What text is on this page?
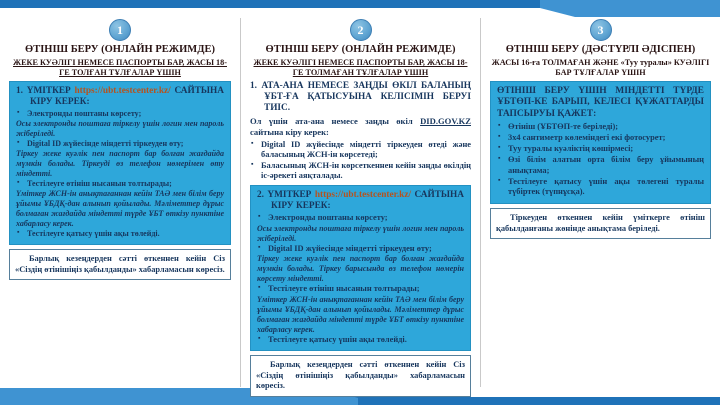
1
ӨТІНІШ БЕРУ (ОНЛАЙН РЕЖИМДЕ)
ЖЕКЕ КУӘЛІГІ НЕМЕСЕ ПАСПОРТЫ БАР, ЖАСЫ 18-ГЕ ТОЛҒАН ТҰЛҒАЛАР ҮШІН

1. ҮМІТКЕР https://ubt.testcenter.kz/ САЙТЫНА КІРУ КЕРЕК:

▪ Электронды поштаны көрсету;
Осы электронды поштаға тіркелу үшін логин мен пароль жіберіледі.
▪ Digital ID жүйесінде міндетті тіркеуден өту;
Тіркеу жеке куәлік пен паспорт бар болған жағдайда мүмкін болады. Тіркеуді өз телефон нөмерімен өту міндетті.
▪ Тестілеуге өтініш нысанын толтырады;
Үміткер ЖСН-ін анықтағаннан кейін ТАӘ мен білім беру ұйымы ҰБДҚ-дан алынып қойылады. Мәліметтер дұрыс болмаған жағдайда міндетті түрде ҰБТ өткізу пунктіне хабарласу керек.
▪ Тестілеуге қатысу үшін ақы төлейді.

Барлық кезеңдерден сәтті өткеннен кейін Сіз «Сіздің өтінішіңіз қабылданды» хабарламасын көресіз.

2
ӨТІНІШ БЕРУ (ОНЛАЙН РЕЖИМДЕ)
ЖЕКЕ КУӘЛІГІ НЕМЕСЕ ПАСПОРТЫ БАР, ЖАСЫ 18-ГЕ ТОЛМАҒАН ТҰЛҒАЛАР ҮШІН

1. АТА-АНА НЕМЕСЕ ЗАҢДЫ ӨКІЛ БАЛАНЫҢ ҰБТ-ҒА ҚАТЫСУЫНА КЕЛІСІМІН БЕРУІ ТИІС.

Ол үшін ата-ана немесе заңды өкіл DID.GOV.KZ сайтына кіру керек:

▪ Digital ID жүйесінде міндетті тіркеуден өтеді және баласының ЖСН-ін көрсетеді;
▪ Баласының ЖСН-ін көрсеткеннен кейін заңды өкілдің іс-әрекеті аяқталады.

2. ҮМІТКЕР https://ubt.testcenter.kz/ САЙТЫНА КІРУ КЕРЕК:

▪ Электронды поштаны көрсету;
Осы электронды поштаға тіркелу үшін логин мен пароль жіберіледі.
▪ Digital ID жүйесінде міндетті тіркеуден өту;
Тіркеу жеке куәлік пен паспорт бар болған жағдайда мүмкін болады. Тіркеу барысында өз телефон нөмерін көрсету міндетті.
▪ Тестілеуге өтініш нысанын толтырады;
Үміткер ЖСН-ін анықтағаннан кейін ТАӘ мен білім беру ұйымы ҰБДҚ-дан алынып қойылады. Мәліметтер дұрыс болмаған жағдайда міндетті түрде ҰБТ өткізу пунктіне хабарласу керек.
▪ Тестілеуге қатысу үшін ақы төлейді.

Барлық кезеңдерден сәтті өткеннен кейін Сіз «Сіздің өтінішіңіз қабылданды» хабарламасын көресіз.

3
ӨТІНІШ БЕРУ (ДӘСТҮРЛІ ӘДІСПЕН)
ЖАСЫ 16-ға ТОЛМАҒАН ЖӘНЕ «Туу туралы» КУӘЛІГІ БАР ТҰЛҒАЛАР ҮШІН

ӨТІНІШ БЕРУ ҮШІН МІНДЕТТІ ТҮРДЕ ҰБТӨП-КЕ БАРЫП, КЕЛЕСІ ҚҰЖАТТАРДЫ ТАПСЫРУЫ ҚАЖЕТ:

▪ Өтініш (ҰБТӨП-те беріледі);
▪ 3х4 сантиметр көлеміндегі екі фотосурет;
▪ Туу туралы куәліктің көшірмесі;
▪ Өзі білім алатын орта білім беру ұйымының анықтама;
▪ Тестілеуге қатысу үшін ақы төлегені туралы түбіртек (түпнұсқа).

Тіркеуден өткеннен кейін үміткерге өтініш қабылданғаны жөнінде анықтама беріледі.
